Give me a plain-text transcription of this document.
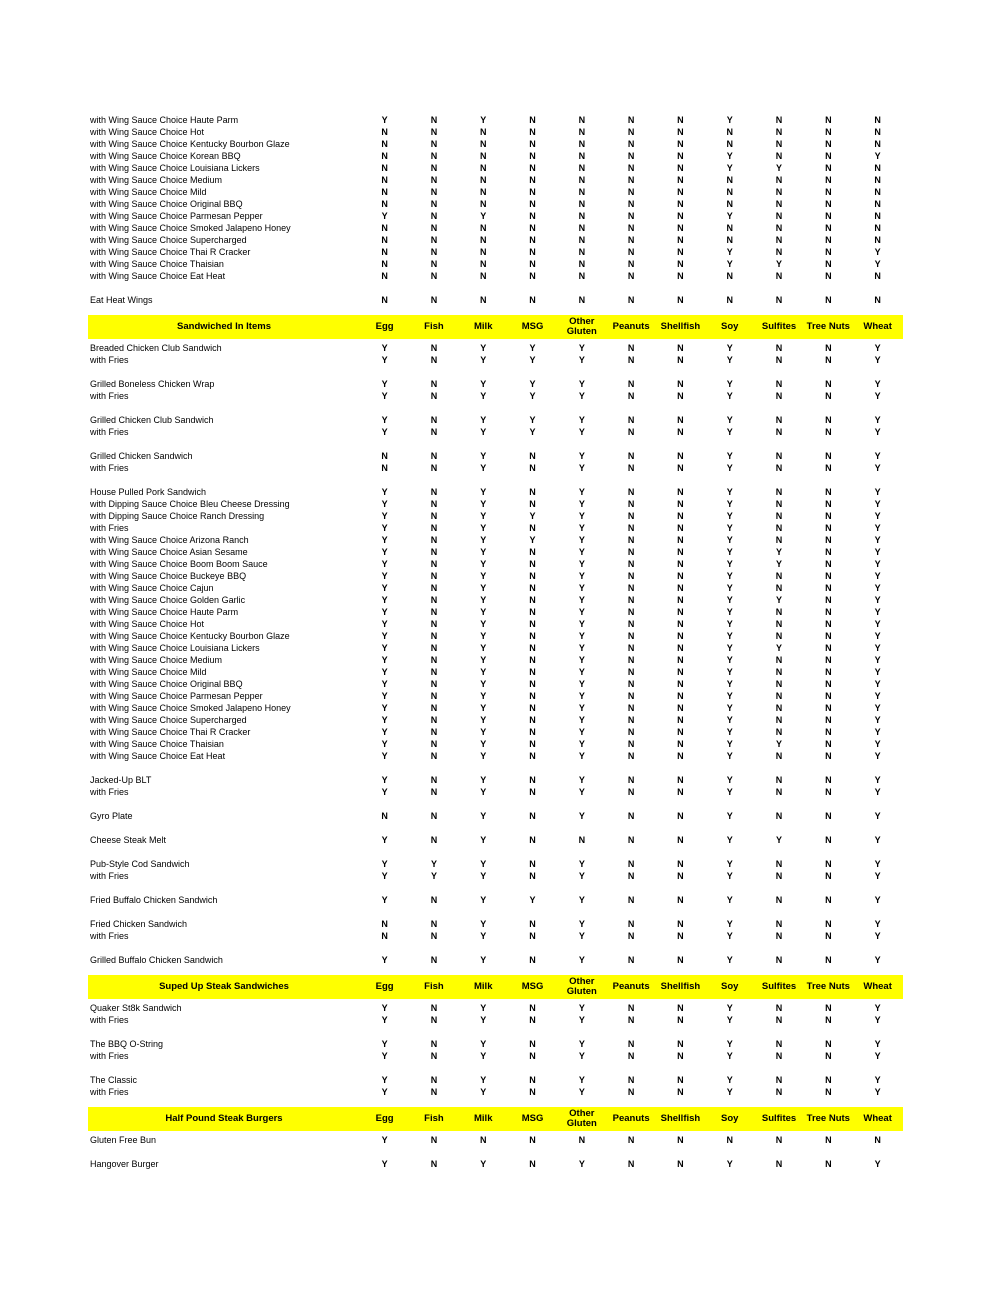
with Wing Sauce Choice Haute Parm	Y	N	Y	N	N	N	N	Y	N	N	N
with Wing Sauce Choice Hot	N	N	N	N	N	N	N	N	N	N	N
with Wing Sauce Choice Kentucky Bourbon Glaze	N	N	N	N	N	N	N	N	N	N	N
with Wing Sauce Choice Korean BBQ	N	N	N	N	N	N	N	Y	N	N	Y
with Wing Sauce Choice Louisiana Lickers	N	N	N	N	N	N	N	Y	Y	N	N
with Wing Sauce Choice Medium	N	N	N	N	N	N	N	N	N	N	N
with Wing Sauce Choice Mild	N	N	N	N	N	N	N	N	N	N	N
with Wing Sauce Choice Original BBQ	N	N	N	N	N	N	N	N	N	N	N
with Wing Sauce Choice Parmesan Pepper	Y	N	Y	N	N	N	N	Y	N	N	N
with Wing Sauce Choice Smoked Jalapeno Honey	N	N	N	N	N	N	N	N	N	N	N
with Wing Sauce Choice Supercharged	N	N	N	N	N	N	N	N	N	N	N
with Wing Sauce Choice Thai R Cracker	N	N	N	N	N	N	N	Y	N	N	Y
with Wing Sauce Choice Thaisian	N	N	N	N	N	N	N	Y	Y	N	Y
with Wing Sauce Choice Eat Heat	N	N	N	N	N	N	N	N	N	N	N
Eat Heat Wings	N	N	N	N	N	N	N	N	N	N	N
Sandwiched In Items	Egg	Fish	Milk	MSG	Other Gluten	Peanuts	Shellfish	Soy	Sulfites	Tree Nuts	Wheat
Breaded Chicken Club Sandwich	Y	N	Y	Y	Y	N	N	Y	N	N	Y
with Fries	Y	N	Y	Y	Y	N	N	Y	N	N	Y
Grilled Boneless Chicken Wrap	Y	N	Y	Y	Y	N	N	Y	N	N	Y
with Fries	Y	N	Y	Y	Y	N	N	Y	N	N	Y
Grilled Chicken Club Sandwich	Y	N	Y	Y	Y	N	N	Y	N	N	Y
with Fries	Y	N	Y	Y	Y	N	N	Y	N	N	Y
Grilled Chicken Sandwich	N	N	Y	N	Y	N	N	Y	N	N	Y
with Fries	N	N	Y	N	Y	N	N	Y	N	N	Y
House Pulled Pork Sandwich	Y	N	Y	N	Y	N	N	Y	N	N	Y
with Dipping Sauce Choice Bleu Cheese Dressing	Y	N	Y	N	Y	N	N	Y	N	N	Y
with Dipping Sauce Choice Ranch Dressing	Y	N	Y	Y	Y	N	N	Y	N	N	Y
with Fries	Y	N	Y	N	Y	N	N	Y	N	N	Y
with Wing Sauce Choice Arizona Ranch	Y	N	Y	Y	Y	N	N	Y	N	N	Y
with Wing Sauce Choice Asian Sesame	Y	N	Y	N	Y	N	N	Y	Y	N	Y
with Wing Sauce Choice Boom Boom Sauce	Y	N	Y	N	Y	N	N	Y	Y	N	Y
with Wing Sauce Choice Buckeye BBQ	Y	N	Y	N	Y	N	N	Y	N	N	Y
with Wing Sauce Choice Cajun	Y	N	Y	N	Y	N	N	Y	N	N	Y
with Wing Sauce Choice Golden Garlic	Y	N	Y	N	Y	N	N	Y	Y	N	Y
with Wing Sauce Choice Haute Parm	Y	N	Y	N	Y	N	N	Y	N	N	Y
with Wing Sauce Choice Hot	Y	N	Y	N	Y	N	N	Y	N	N	Y
with Wing Sauce Choice Kentucky Bourbon Glaze	Y	N	Y	N	Y	N	N	Y	N	N	Y
with Wing Sauce Choice Louisiana Lickers	Y	N	Y	N	Y	N	N	Y	Y	N	Y
with Wing Sauce Choice Medium	Y	N	Y	N	Y	N	N	Y	N	N	Y
with Wing Sauce Choice Mild	Y	N	Y	N	Y	N	N	Y	N	N	Y
with Wing Sauce Choice Original BBQ	Y	N	Y	N	Y	N	N	Y	N	N	Y
with Wing Sauce Choice Parmesan Pepper	Y	N	Y	N	Y	N	N	Y	N	N	Y
with Wing Sauce Choice Smoked Jalapeno Honey	Y	N	Y	N	Y	N	N	Y	N	N	Y
with Wing Sauce Choice Supercharged	Y	N	Y	N	Y	N	N	Y	N	N	Y
with Wing Sauce Choice Thai R Cracker	Y	N	Y	N	Y	N	N	Y	N	N	Y
with Wing Sauce Choice Thaisian	Y	N	Y	N	Y	N	N	Y	Y	N	Y
with Wing Sauce Choice Eat Heat	Y	N	Y	N	Y	N	N	Y	N	N	Y
Jacked-Up BLT	Y	N	Y	N	Y	N	N	Y	N	N	Y
with Fries	Y	N	Y	N	Y	N	N	Y	N	N	Y
Gyro Plate	N	N	Y	N	Y	N	N	Y	N	N	Y
Cheese Steak Melt	Y	N	Y	N	N	N	N	Y	Y	N	Y
Pub-Style Cod Sandwich	Y	Y	Y	N	Y	N	N	Y	N	N	Y
with Fries	Y	Y	Y	N	Y	N	N	Y	N	N	Y
Fried Buffalo Chicken Sandwich	Y	N	Y	Y	Y	N	N	Y	N	N	Y
Fried Chicken Sandwich	N	N	Y	N	Y	N	N	Y	N	N	Y
with Fries	N	N	Y	N	Y	N	N	Y	N	N	Y
Grilled Buffalo Chicken Sandwich	Y	N	Y	N	Y	N	N	Y	N	N	Y
Suped Up Steak Sandwiches	Egg	Fish	Milk	MSG	Other Gluten	Peanuts	Shellfish	Soy	Sulfites	Tree Nuts	Wheat
Quaker St8k Sandwich	Y	N	Y	N	Y	N	N	Y	N	N	Y
with Fries	Y	N	Y	N	Y	N	N	Y	N	N	Y
The BBQ O-String	Y	N	Y	N	Y	N	N	Y	N	N	Y
with Fries	Y	N	Y	N	Y	N	N	Y	N	N	Y
The Classic	Y	N	Y	N	Y	N	N	Y	N	N	Y
with Fries	Y	N	Y	N	Y	N	N	Y	N	N	Y
Half Pound Steak Burgers	Egg	Fish	Milk	MSG	Other Gluten	Peanuts	Shellfish	Soy	Sulfites	Tree Nuts	Wheat
Gluten Free Bun	Y	N	N	N	N	N	N	N	N	N	N
Hangover Burger	Y	N	Y	N	Y	N	N	Y	N	N	Y
